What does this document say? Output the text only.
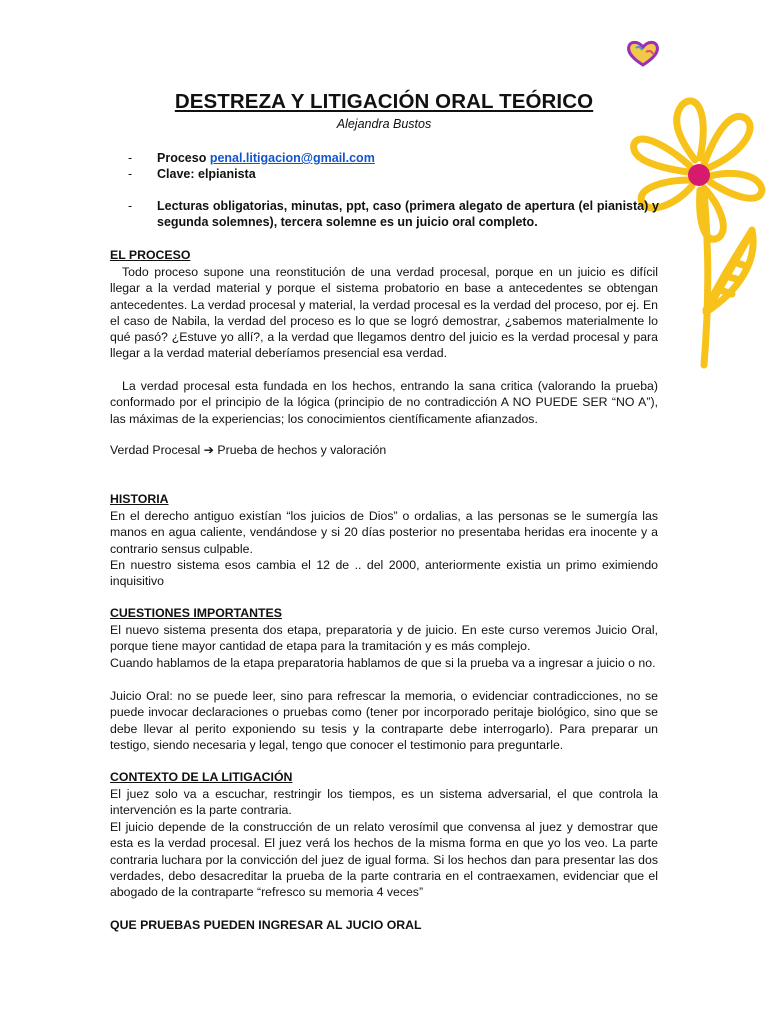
DESTREZA Y LITIGACIÓN ORAL TEÓRICO
Alejandra Bustos
- Proceso penal.litigacion@gmail.com
- Clave: elpianista
- Lecturas obligatorias, minutas, ppt, caso (primera alegato de apertura (el pianista) y segunda solemnes), tercera solemne es un juicio oral completo.
EL PROCESO

Todo proceso supone una reonstitución de una verdad procesal, porque en un juicio es difícil llegar a la verdad material y porque el sistema probatorio en base a antecedentes se obtengan antecedentes. La verdad procesal y material, la verdad procesal es la verdad del proceso, por ej. En el caso de Nabila, la verdad del proceso es lo que se logró demostrar, ¿sabemos materialmente lo qué pasó? ¿Estuve yo allí?, a la verdad que llegamos dentro del juicio es la verdad procesal y para llegar a la verdad material deberíamos presencial esa verdad.

La verdad procesal esta fundada en los hechos, entrando la sana critica (valorando la prueba) conformado por el principio de la lógica (principio de no contradicción A NO PUEDE SER “NO A”), las máximas de la experiencias; los conocimientos científicamente afianzados.

Verdad Procesal ➔ Prueba de hechos y valoración
HISTORIA

En el derecho antiguo existían “los juicios de Dios” o ordalias, a las personas se le sumergía las manos en agua caliente, vendándose y si 20 días posterior no presentaba heridas era inocente y a contrario sensus culpable.

En nuestro sistema esos cambia el 12 de .. del 2000, anteriormente existia un primo eximiendo inquisitivo

CUESTIONES IMPORTANTES

El nuevo sistema presenta dos etapa, preparatoria y de juicio. En este curso veremos Juicio Oral, porque tiene mayor cantidad de etapa para la tramitación y es más complejo.

Cuando hablamos de la etapa preparatoria hablamos de que si la prueba va a ingresar a juicio o no.

Juicio Oral: no se puede leer, sino para refrescar la memoria, o evidenciar contradicciones, no se puede invocar declaraciones o pruebas como (tener por incorporado peritaje biológico, sino que se debe llevar al perito exponiendo su tesis y la contraparte debe interrogarlo). Para preparar un testigo, siendo necesaria y legal, tengo que conocer el testimonio para preguntarle.

CONTEXTO DE LA LITIGACIÓN

El juez solo va a escuchar, restringir los tiempos, es un sistema adversarial, el que controla la intervención es la parte contraria.

El juicio depende de la construcción de un relato verosímil que convensa al juez y demostrar que esta es la verdad procesal. El juez verá los hechos de la misma forma en que yo los veo. La parte contraria luchara por la convicción del juez de igual forma. Si los hechos dan para presentar las dos verdades, debo desacreditar la prueba de la parte contraria en el contraexamen, evidenciar que el abogado de la contraparte “refresco su memoria 4 veces”

QUE PRUEBAS PUEDEN INGRESAR AL JUCIO ORAL
